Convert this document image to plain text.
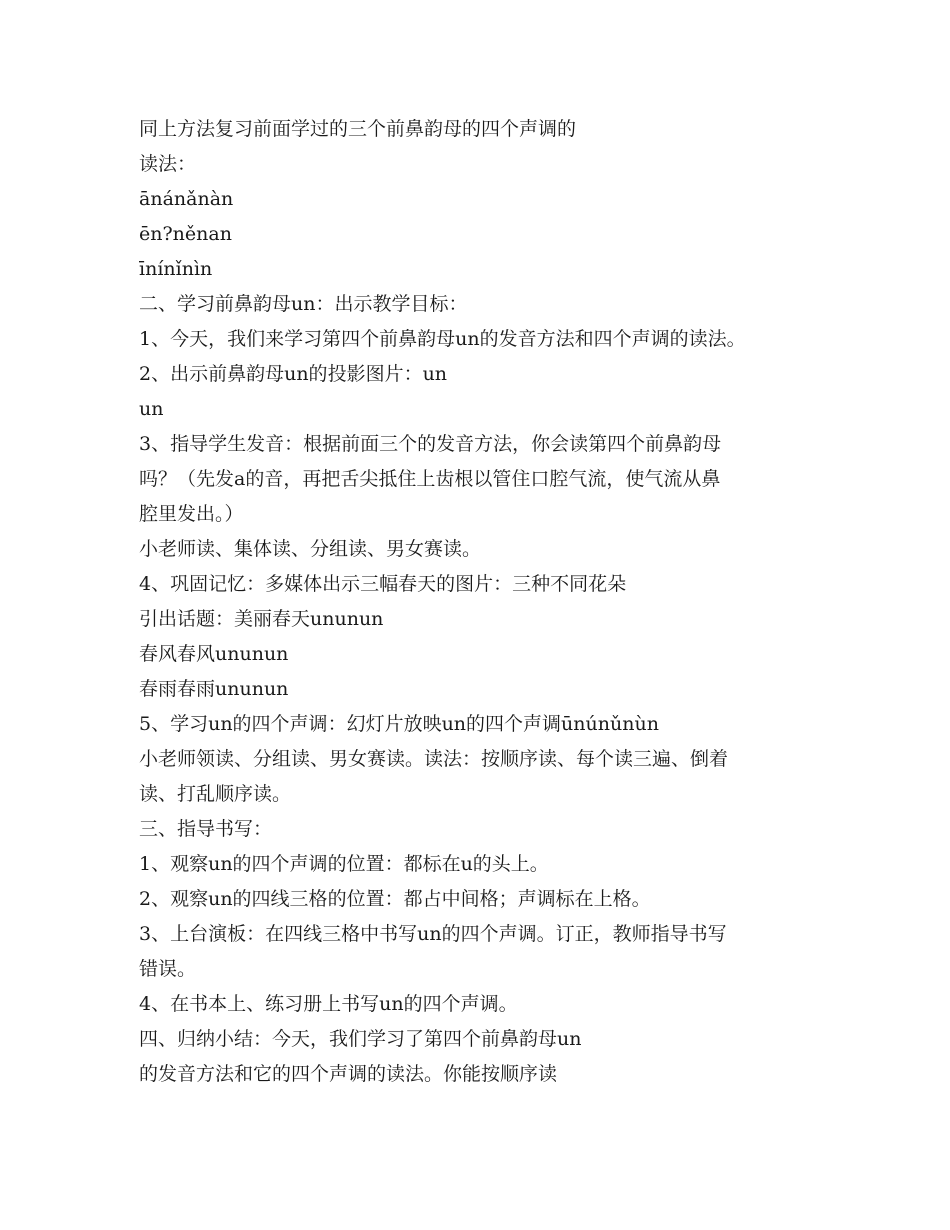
同上方法复习前面学过的三个前鼻韵母的四个声调的
读法：
ānánǎnàn
ēn?něnan
īnínǐnìn
二、学习前鼻韵母un：出示教学目标：
1、今天，我们来学习第四个前鼻韵母un的发音方法和四个声调的读法。
2、出示前鼻韵母un的投影图片：un
un
3、指导学生发音：根据前面三个的发音方法，你会读第四个前鼻韵母
吗？（先发a的音，再把舌尖抵住上齿根以管住口腔气流，使气流从鼻
腔里发出。）
小老师读、集体读、分组读、男女赛读。
4、巩固记忆：多媒体出示三幅春天的图片：三种不同花朵
引出话题：美丽春天ununun
春风春风ununun
春雨春雨ununun
5、学习un的四个声调：幻灯片放映un的四个声调ūnúnǔnùn
小老师领读、分组读、男女赛读。读法：按顺序读、每个读三遍、倒着
读、打乱顺序读。
三、指导书写：
1、观察un的四个声调的位置：都标在u的头上。
2、观察un的四线三格的位置：都占中间格；声调标在上格。
3、上台演板：在四线三格中书写un的四个声调。订正，教师指导书写
错误。
4、在书本上、练习册上书写un的四个声调。
四、归纳小结：今天，我们学习了第四个前鼻韵母un
的发音方法和它的四个声调的读法。你能按顺序读
